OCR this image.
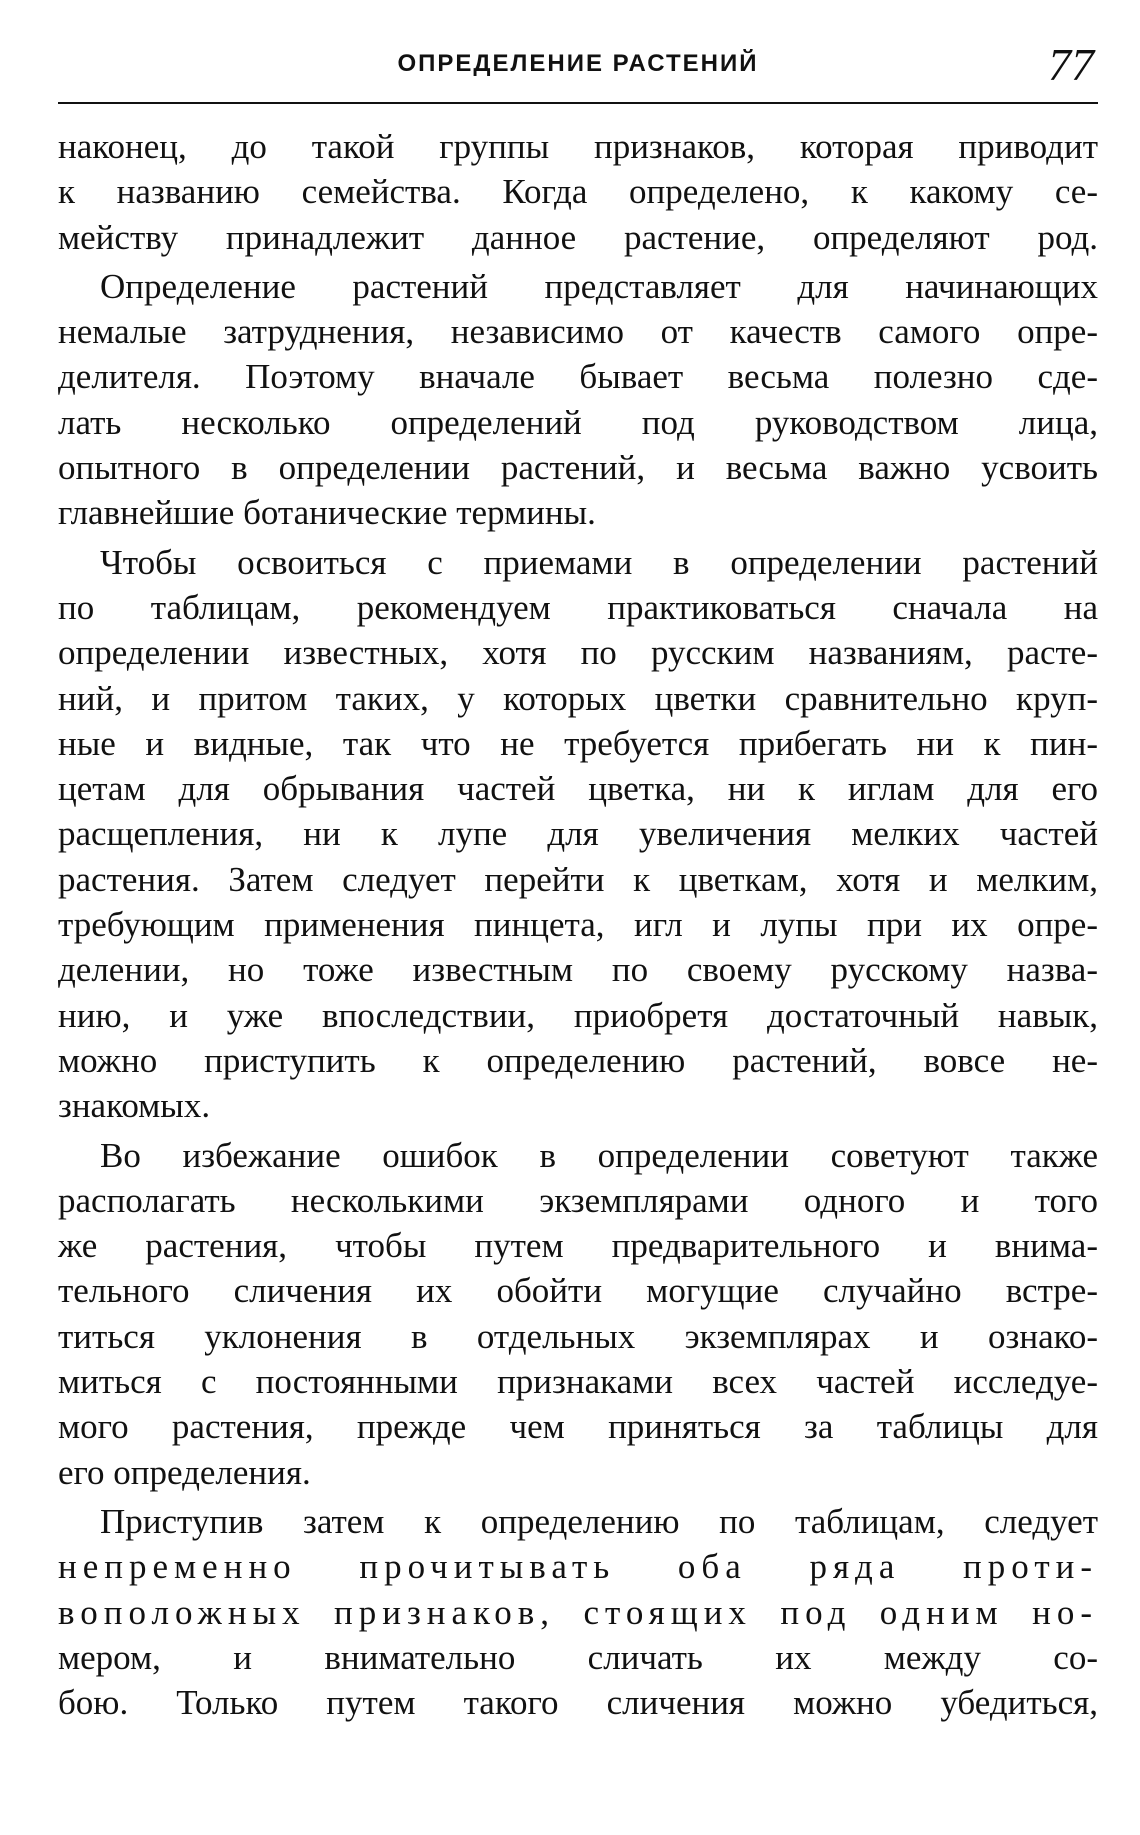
ОПРЕДЕЛЕНИЕ РАСТЕНИЙ	77

наконец, до такой группы признаков, которая приводит
к названию семейства. Когда определено, к какому се-
мейству принадлежит данное растение, определяют род.

Определение растений представляет для начинающих
немалые затруднения, независимо от качеств самого опре-
делителя. Поэтому вначале бывает весьма полезно сде-
лать несколько определений под руководством лица,
опытного в определении растений, и весьма важно усвоить
главнейшие ботанические термины.

Чтобы освоиться с приемами в определении растений
по таблицам, рекомендуем практиковаться сначала на
определении известных, хотя по русским названиям, расте-
ний, и притом таких, у которых цветки сравнительно круп-
ные и видные, так что не требуется прибегать ни к пин-
цетам для обрывания частей цветка, ни к иглам для его
расщепления, ни к лупе для увеличения мелких частей
растения. Затем следует перейти к цветкам, хотя и мелким,
требующим применения пинцета, игл и лупы при их опре-
делении, но тоже известным по своему русскому назва-
нию, и уже впоследствии, приобретя достаточный навык,
можно приступить к определению растений, вовсе не-
знакомых.

Во избежание ошибок в определении советуют также
располагать несколькими экземплярами одного и того
же растения, чтобы путем предварительного и внима-
тельного сличения их обойти могущие случайно встре-
титься уклонения в отдельных экземплярах и ознако-
миться с постоянными признаками всех частей исследуе-
мого растения, прежде чем приняться за таблицы для
его определения.

Приступив затем к определению по таблицам, следует
непременно прочитывать оба ряда проти-
воположных признаков, стоящих под одним но-
мером, и внимательно сличать их между со-
бою. Только путем такого сличения можно убедиться,
